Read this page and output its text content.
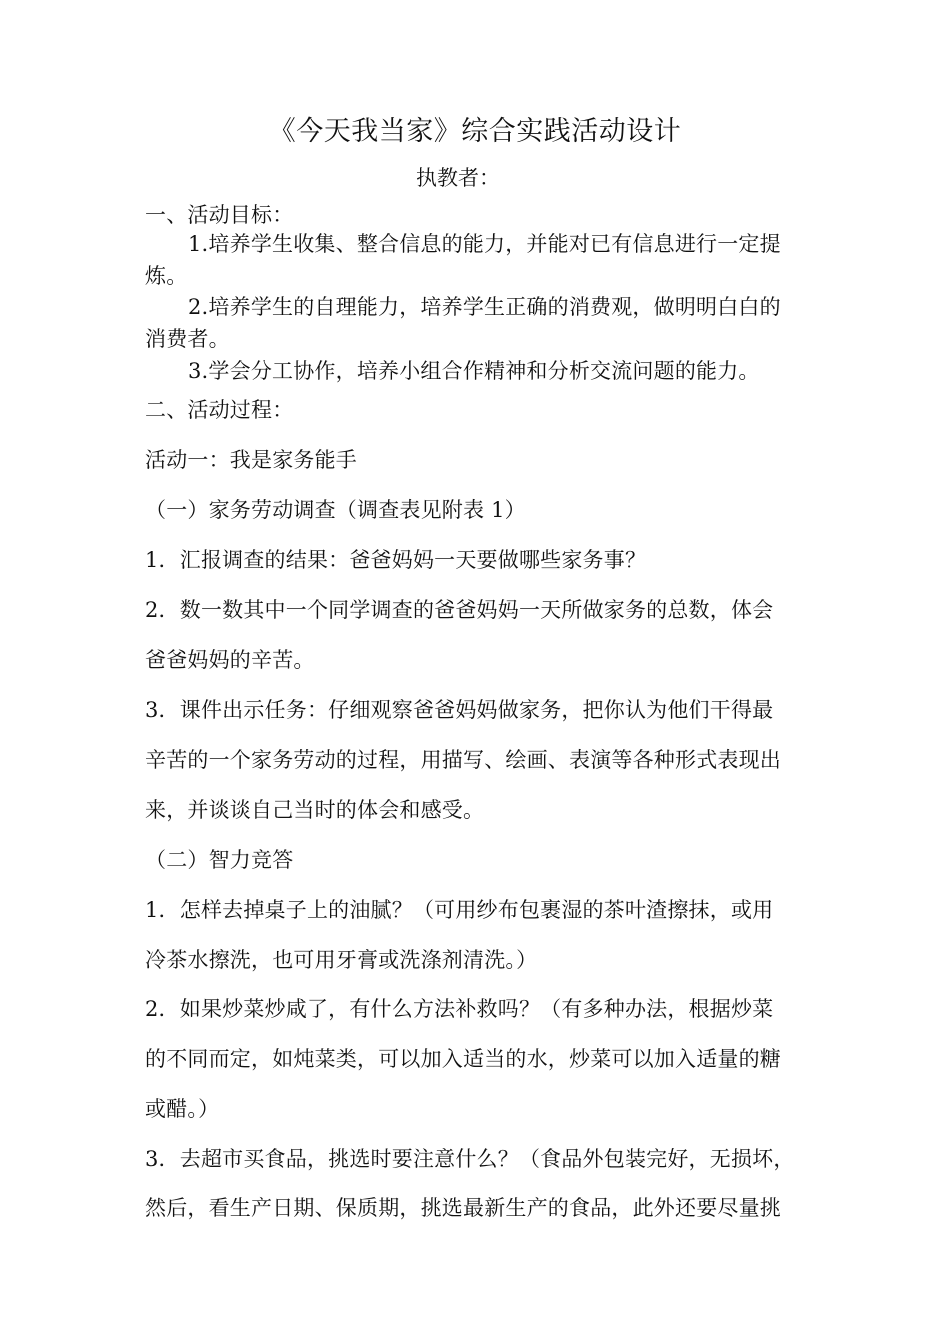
《今天我当家》综合实践活动设计
执教者：
一、活动目标：
1.培养学生收集、整合信息的能力，并能对已有信息进行一定提
炼。
2.培养学生的自理能力，培养学生正确的消费观，做明明白白的
消费者。
3.学会分工协作，培养小组合作精神和分析交流问题的能力。
二、活动过程：
活动一：我是家务能手
（一）家务劳动调查（调查表见附表 1）
1．汇报调查的结果：爸爸妈妈一天要做哪些家务事？
2．数一数其中一个同学调查的爸爸妈妈一天所做家务的总数，体会
爸爸妈妈的辛苦。
3．课件出示任务：仔细观察爸爸妈妈做家务，把你认为他们干得最
辛苦的一个家务劳动的过程，用描写、绘画、表演等各种形式表现出
来，并谈谈自己当时的体会和感受。
（二）智力竞答
1．怎样去掉桌子上的油腻？（可用纱布包裹湿的茶叶渣擦抹，或用
冷茶水擦洗，也可用牙膏或洗涤剂清洗。）
2．如果炒菜炒咸了，有什么方法补救吗？（有多种办法，根据炒菜
的不同而定，如炖菜类，可以加入适当的水，炒菜可以加入适量的糖
或醋。）
3．去超市买食品，挑选时要注意什么？（食品外包装完好，无损坏，
然后，看生产日期、保质期，挑选最新生产的食品，此外还要尽量挑
